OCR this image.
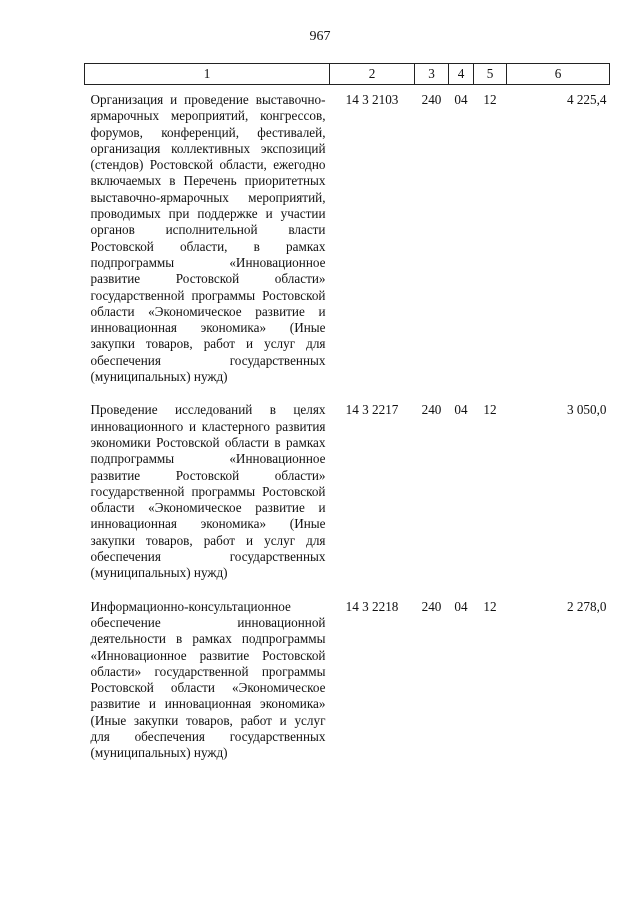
967
1	2	3	4	5	6
Организация и проведение выставочно-ярмарочных мероприятий, конгрессов, форумов, конференций, фестивалей, организация коллективных экспозиций (стендов) Ростовской области, ежегодно включаемых в Перечень приоритетных выставочно-ярмарочных мероприятий, проводимых при поддержке и участии органов исполнительной власти Ростовской области, в рамках подпрограммы «Инновационное развитие Ростовской области» государственной программы Ростовской области «Экономическое развитие и инновационная экономика» (Иные закупки товаров, работ и услуг для обеспечения государственных (муниципальных) нужд)	14 3 2103	240	04	12	4 225,4
Проведение исследований в целях инновационного и кластерного развития экономики Ростовской области в рамках подпрограммы «Инновационное развитие Ростовской области» государственной программы Ростовской области «Экономическое развитие и инновационная экономика» (Иные закупки товаров, работ и услуг для обеспечения государственных (муниципальных) нужд)	14 3 2217	240	04	12	3 050,0
Информационно-консультационное обеспечение инновационной деятельности в рамках подпрограммы «Инновационное развитие Ростовской области» государственной программы Ростовской области «Экономическое развитие и инновационная экономика» (Иные закупки товаров, работ и услуг для обеспечения государственных (муниципальных) нужд)	14 3 2218	240	04	12	2 278,0
